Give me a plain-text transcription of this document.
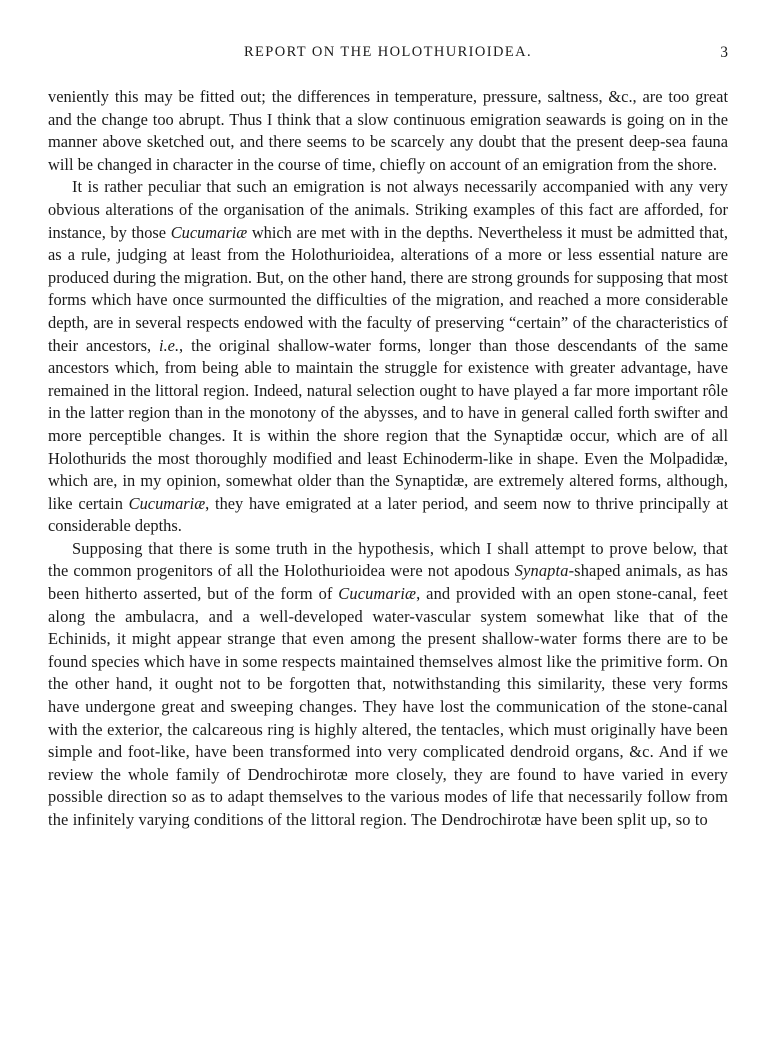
REPORT ON THE HOLOTHURIOIDEA.	3

veniently this may be fitted out; the differences in temperature, pressure, saltness, &c., are too great and the change too abrupt. Thus I think that a slow continuous emigration seawards is going on in the manner above sketched out, and there seems to be scarcely any doubt that the present deep-sea fauna will be changed in character in the course of time, chiefly on account of an emigration from the shore.

It is rather peculiar that such an emigration is not always necessarily accompanied with any very obvious alterations of the organisation of the animals. Striking examples of this fact are afforded, for instance, by those Cucumariæ which are met with in the depths. Nevertheless it must be admitted that, as a rule, judging at least from the Holothurioidea, alterations of a more or less essential nature are produced during the migration. But, on the other hand, there are strong grounds for supposing that most forms which have once surmounted the difficulties of the migration, and reached a more considerable depth, are in several respects endowed with the faculty of preserving “certain” of the characteristics of their ancestors, i.e., the original shallow-water forms, longer than those descendants of the same ancestors which, from being able to maintain the struggle for existence with greater advantage, have remained in the littoral region. Indeed, natural selection ought to have played a far more important rôle in the latter region than in the monotony of the abysses, and to have in general called forth swifter and more perceptible changes. It is within the shore region that the Synaptidæ occur, which are of all Holothurids the most thoroughly modified and least Echinoderm-like in shape. Even the Molpadidæ, which are, in my opinion, somewhat older than the Synaptidæ, are extremely altered forms, although, like certain Cucumariæ, they have emigrated at a later period, and seem now to thrive principally at considerable depths.

Supposing that there is some truth in the hypothesis, which I shall attempt to prove below, that the common progenitors of all the Holothurioidea were not apodous Synapta-shaped animals, as has been hitherto asserted, but of the form of Cucumariæ, and provided with an open stone-canal, feet along the ambulacra, and a well-developed water-vascular system somewhat like that of the Echinids, it might appear strange that even among the present shallow-water forms there are to be found species which have in some respects maintained themselves almost like the primitive form. On the other hand, it ought not to be forgotten that, notwithstanding this similarity, these very forms have undergone great and sweeping changes. They have lost the communication of the stone-canal with the exterior, the calcareous ring is highly altered, the tentacles, which must originally have been simple and foot-like, have been transformed into very complicated dendroid organs, &c. And if we review the whole family of Dendrochirotæ more closely, they are found to have varied in every possible direction so as to adapt themselves to the various modes of life that necessarily follow from the infinitely varying conditions of the littoral region. The Dendrochirotæ have been split up, so to
